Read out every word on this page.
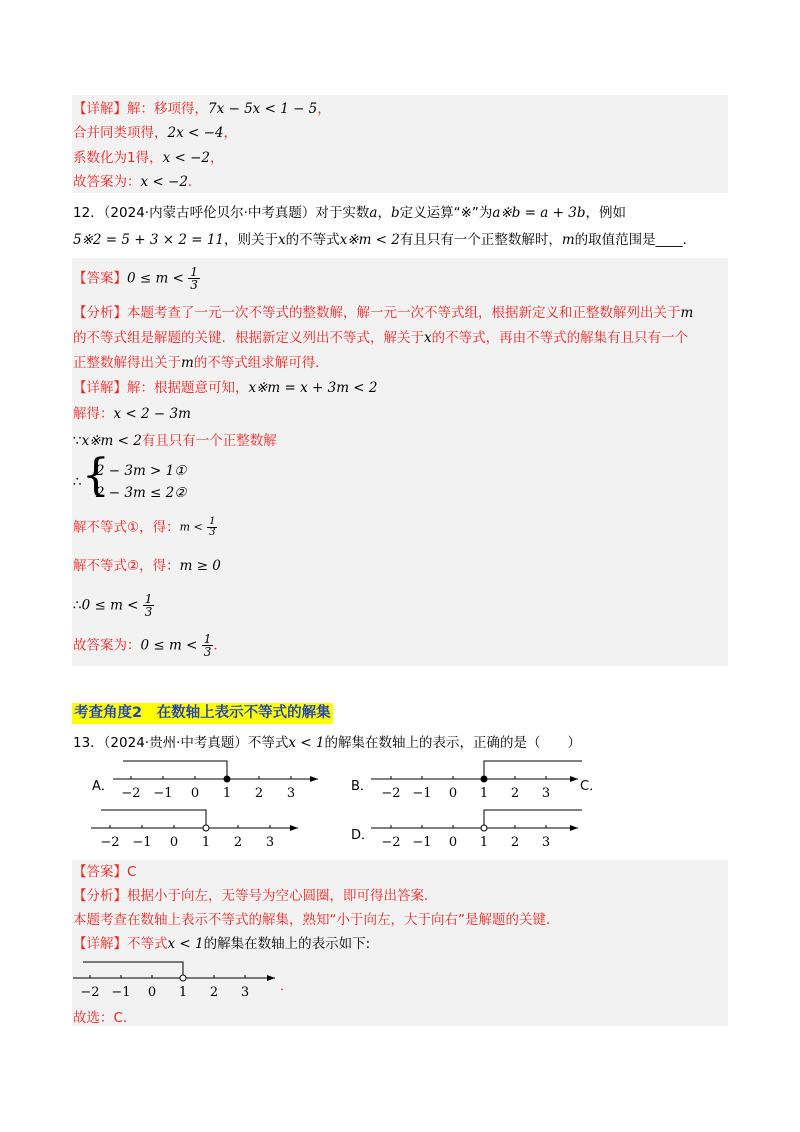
【详解】解：移项得，7x − 5x < 1 − 5，
合并同类项得，2x < −4，
系数化为1得，x < −2，
故答案为：x < −2．
12．（2024·内蒙古呼伦贝尔·中考真题）对于实数a，b定义运算“※”为a※b = a + 3b，例如
5※2 = 5 + 3 × 2 = 11，则关于x的不等式x※m < 2有且只有一个正整数解时，m的取值范围是____．
【答案】$0 \le m < \frac{1}{3}$
【分析】本题考查了一元一次不等式的整数解，解一元一次不等式组，根据新定义和正整数解列出关于m
的不等式组是解题的关键．根据新定义列出不等式，解关于x的不等式，再由不等式的解集有且只有一个
正整数解得出关于m的不等式组求解可得．
【详解】解：根据题意可知，x※m = x + 3m < 2
解得：x < 2 − 3m
∵x※m < 2有且只有一个正整数解
∴
{ 2 − 3m > 1①
2 − 3m ≤ 2②
解不等式①，得：$m < \frac{1}{3}$
解不等式②，得：m ≥ 0
∴0 ≤ $m < \frac{1}{3}$
故答案为：$0 \le m < \frac{1}{3}$ ．
考查角度2　在数轴上表示不等式的解集
13．（2024·贵州·中考真题）不等式x < 1的解集在数轴上的表示，正确的是（　　）
A．	B．	C．
D．
−2 −1 0 1 2 3	−2 −1 0 1 2 3
−2 −1 0 1 2 3	−2 −1 0 1 2 3
【答案】C
【分析】根据小于向左，无等号为空心圆圈，即可得出答案．
本题考查在数轴上表示不等式的解集，熟知“小于向左，大于向右”是解题的关键．
【详解】不等式x < 1的解集在数轴上的表示如下:
−2 −1 0 1 2 3 ．
故选：C．
